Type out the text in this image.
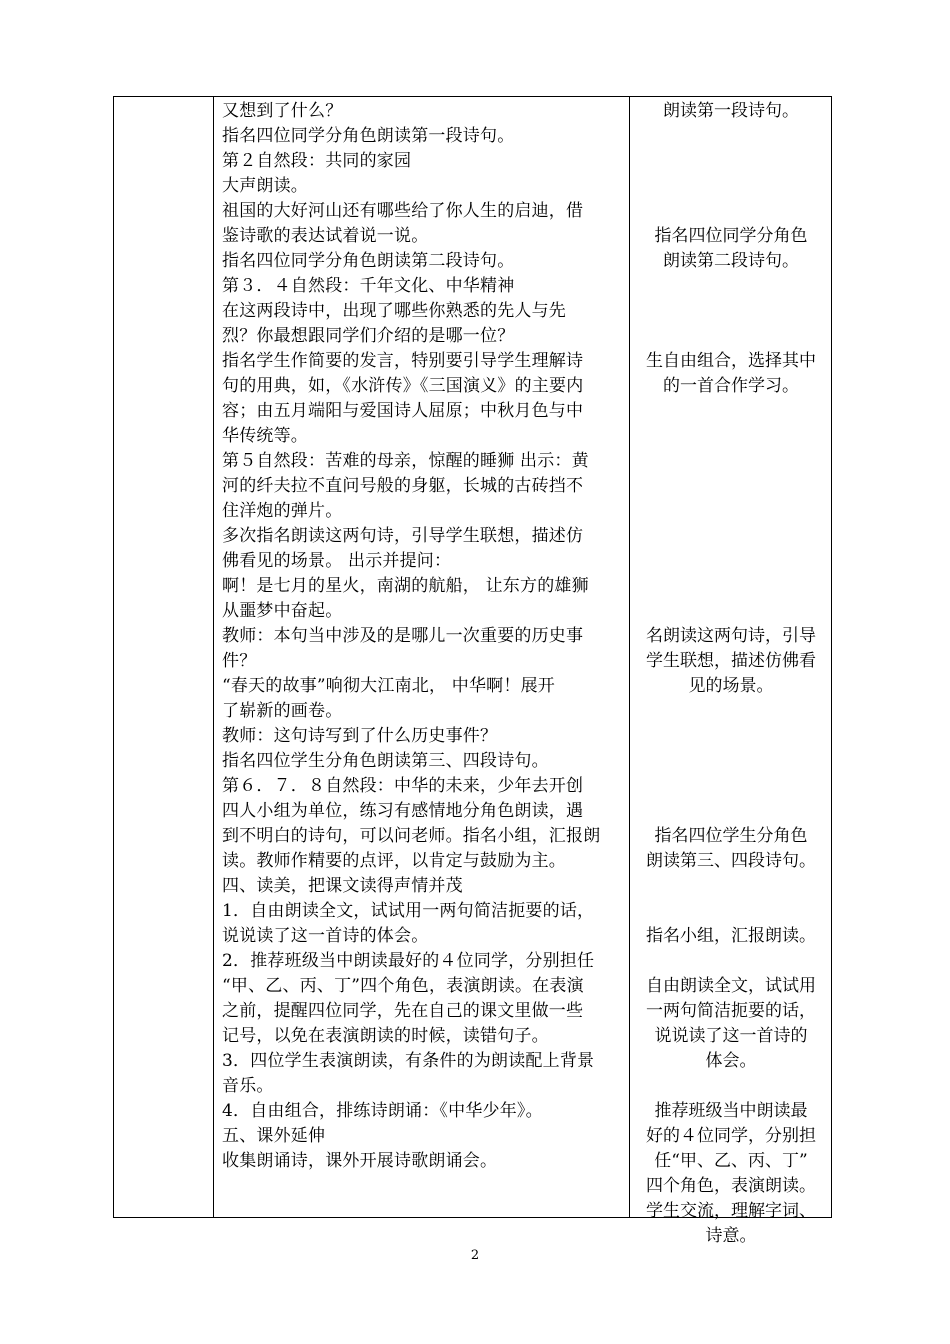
又想到了什么？
指名四位同学分角色朗读第一段诗句。
第２自然段：共同的家园
大声朗读。
祖国的大好河山还有哪些给了你人生的启迪，借
鉴诗歌的表达试着说一说。
指名四位同学分角色朗读第二段诗句。
第３．４自然段：千年文化、中华精神
在这两段诗中，出现了哪些你熟悉的先人与先
烈？你最想跟同学们介绍的是哪一位？
指名学生作简要的发言，特别要引导学生理解诗
句的用典，如，《水浒传》《三国演义》的主要内
容；由五月端阳与爱国诗人屈原；中秋月色与中
华传统等。
第５自然段：苦难的母亲，惊醒的睡狮 出示：黄
河的纤夫拉不直问号般的身躯，长城的古砖挡不
住洋炮的弹片。
多次指名朗读这两句诗，引导学生联想，描述仿
佛看见的场景。 出示并提问：
啊！是七月的星火，南湖的航船， 让东方的雄狮
从噩梦中奋起。
教师：本句当中涉及的是哪儿一次重要的历史事
件？
“春天的故事”响彻大江南北， 中华啊！展开
了崭新的画卷。
教师：这句诗写到了什么历史事件？
指名四位学生分角色朗读第三、四段诗句。
第６．７．８自然段：中华的未来，少年去开创
四人小组为单位，练习有感情地分角色朗读，遇
到不明白的诗句，可以问老师。指名小组，汇报朗
读。教师作精要的点评，以肯定与鼓励为主。
四、读美，把课文读得声情并茂
1．自由朗读全文，试试用一两句简洁扼要的话，
说说读了这一首诗的体会。
2．推荐班级当中朗读最好的４位同学，分别担任
“甲、乙、丙、丁”四个角色，表演朗读。在表演
之前，提醒四位同学，先在自己的课文里做一些
记号，以免在表演朗读的时候，读错句子。
3．四位学生表演朗读，有条件的为朗读配上背景
音乐。
4．自由组合，排练诗朗诵：《中华少年》。
五、课外延伸
收集朗诵诗，课外开展诗歌朗诵会。
朗读第一段诗句。
指名四位同学分角色
朗读第二段诗句。
生自由组合，选择其中
的一首合作学习。
名朗读这两句诗，引导
学生联想，描述仿佛看
见的场景。
指名四位学生分角色
朗读第三、四段诗句。
指名小组，汇报朗读。
自由朗读全文，试试用
一两句简洁扼要的话，
说说读了这一首诗的
体会。
推荐班级当中朗读最
好的４位同学，分别担
任“甲、乙、丙、丁”
四个角色，表演朗读。
学生交流，理解字词、
诗意。
2
